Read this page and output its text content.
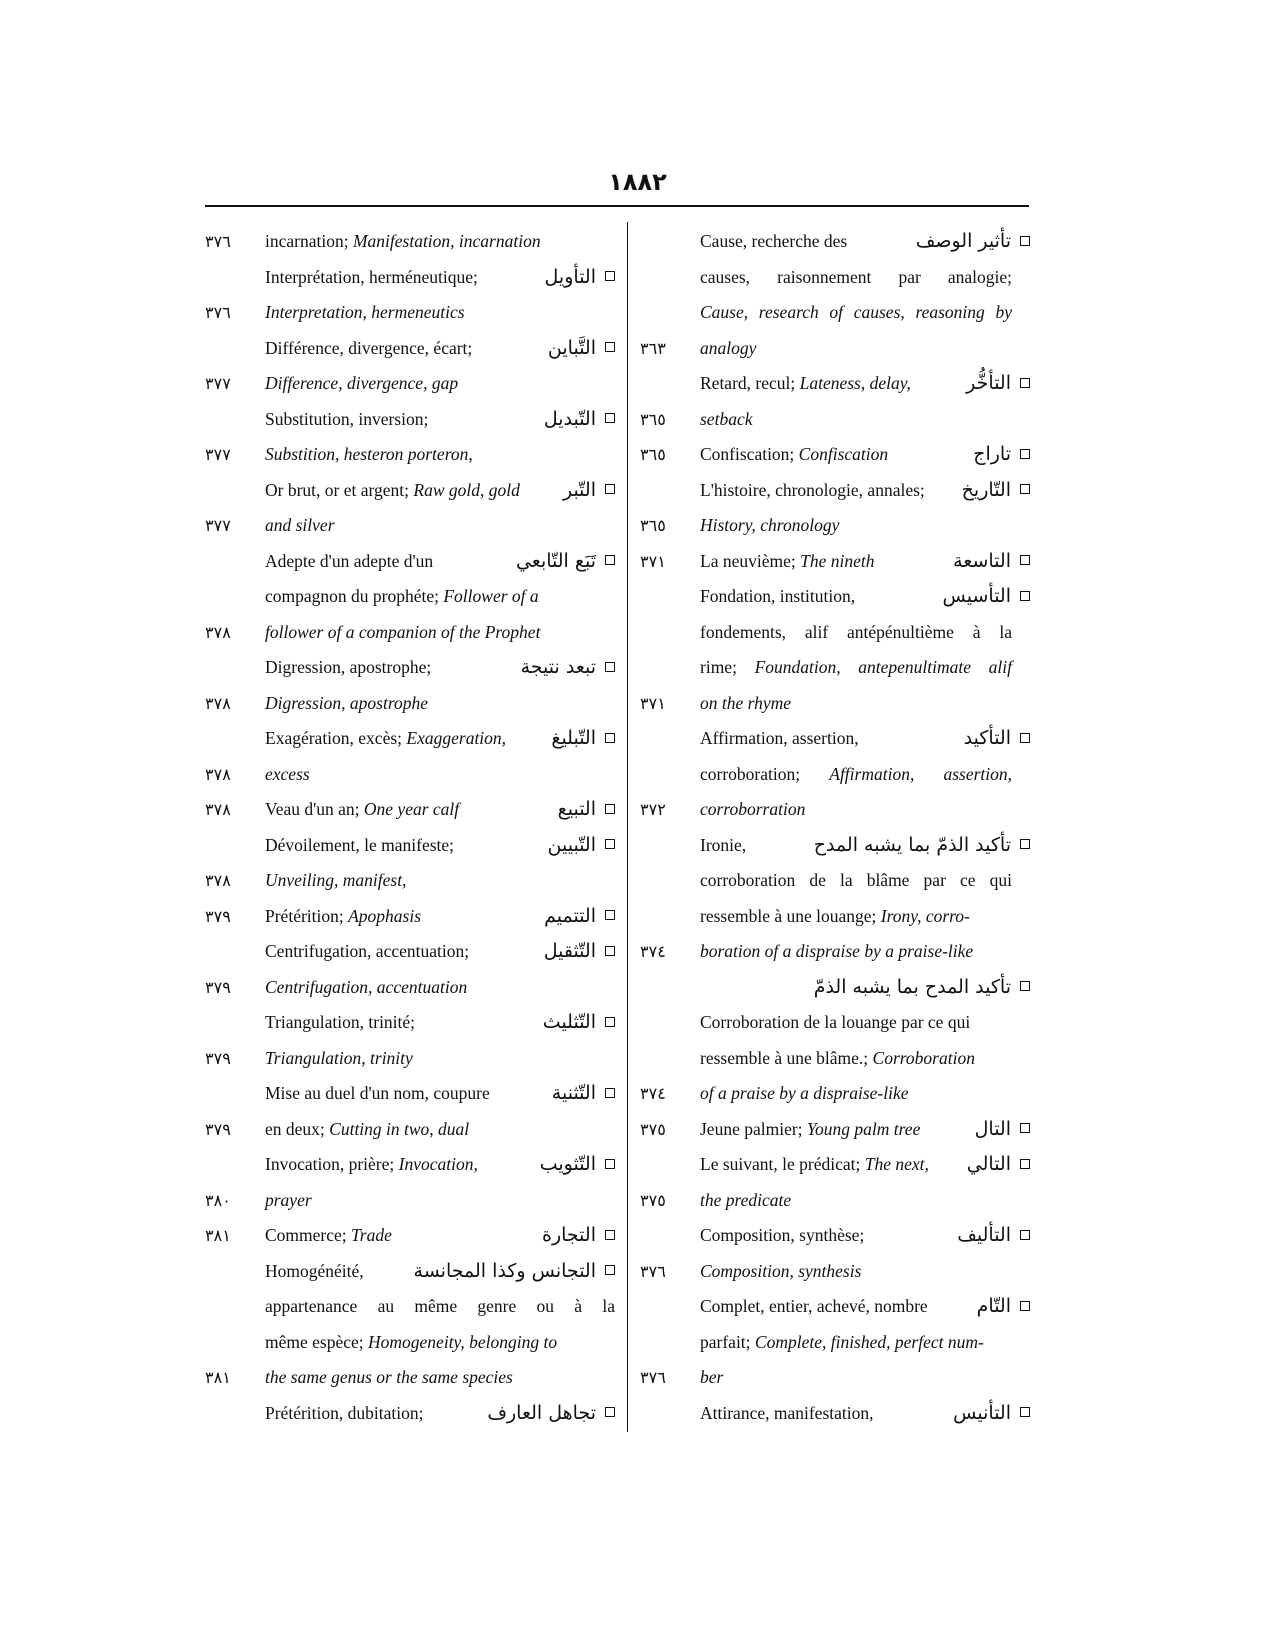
١٨٨٢
٣٧٦	incarnation; Manifestation, incarnation
Interprétation, herméneutique;	التأويل
٣٧٦	Interpretation, hermeneutics
Différence, divergence, écart;	التَّباين
٣٧٧	Difference, divergence, gap
Substitution, inversion;	التّبديل
٣٧٧	Substition, hesteron porteron,
Or brut, or et argent; Raw gold, gold التّبر
٣٧٧	and silver
Adepte d'un adepte d'un	تَبَع التّابعي
compagnon du prophéte; Follower of a
٣٧٨	follower of a companion of the Prophet
Digression, apostrophe;	تبعد نتيجة
٣٧٨	Digression, apostrophe
Exagération, excès; Exaggeration, التّبليغ
٣٧٨	excess
٣٧٨	Veau d'un an; One year calf	التبيع
Dévoilement, le manifeste;	التّبيين
٣٧٨	Unveiling, manifest,
٣٧٩	Prétérition; Apophasis	التتميم
Centrifugation, accentuation;	التّثقيل
٣٧٩	Centrifugation, accentuation
Triangulation, trinité;	التّثليث
٣٧٩	Triangulation, trinity
Mise au duel d'un nom, coupure	التّثنية
٣٧٩	en deux; Cutting in two, dual
Invocation, prière; Invocation,	التّثويب
٣٨٠	prayer
٣٨١	Commerce; Trade	التجارة
Homogénéité,	التجانس وكذا المجانسة
appartenance au même genre ou à la
même espèce; Homogeneity, belonging to
٣٨١	the same genus or the same species
Prétérition, dubitation;	تجاهل العارف
Cause, recherche des	تأثير الوصف
causes, raisonnement par analogie;
Cause, research of causes, reasoning by
٣٦٣	analogy
Retard, recul; Lateness, delay,	التأخُّر
٣٦٥	setback
٣٦٥	Confiscation; Confiscation	تاراج
L'histoire, chronologie, annales; التّاريخ
٣٦٥	History, chronology
٣٧١	La neuvième; The nineth	التاسعة
Fondation, institution,	التأسيس
fondements, alif antépénultième à la
rime; Foundation, antepenultimate alif
٣٧١	on the rhyme
Affirmation, assertion,	التأكيد
corroboration; Affirmation, assertion,
٣٧٢	corroborration
Ironie,	تأكيد الذمّ بما يشبه المدح
corroboration de la blâme par ce qui
ressemble à une louange; Irony, corro-
٣٧٤	boration of a dispraise by a praise-like
تأكيد المدح بما يشبه الذمّ
Corroboration de la louange par ce qui
ressemble à une blâme.; Corroboration
٣٧٤	of a praise by a dispraise-like
٣٧٥	Jeune palmier; Young palm tree	التال
Le suivant, le prédicat; The next, التالي
٣٧٥	the predicate
Composition, synthèse;	التأليف
٣٧٦	Composition, synthesis
Complet, entier, achevé, nombre	التّام
parfait; Complete, finished, perfect num-
٣٧٦	ber
Attirance, manifestation,	التأنيس
